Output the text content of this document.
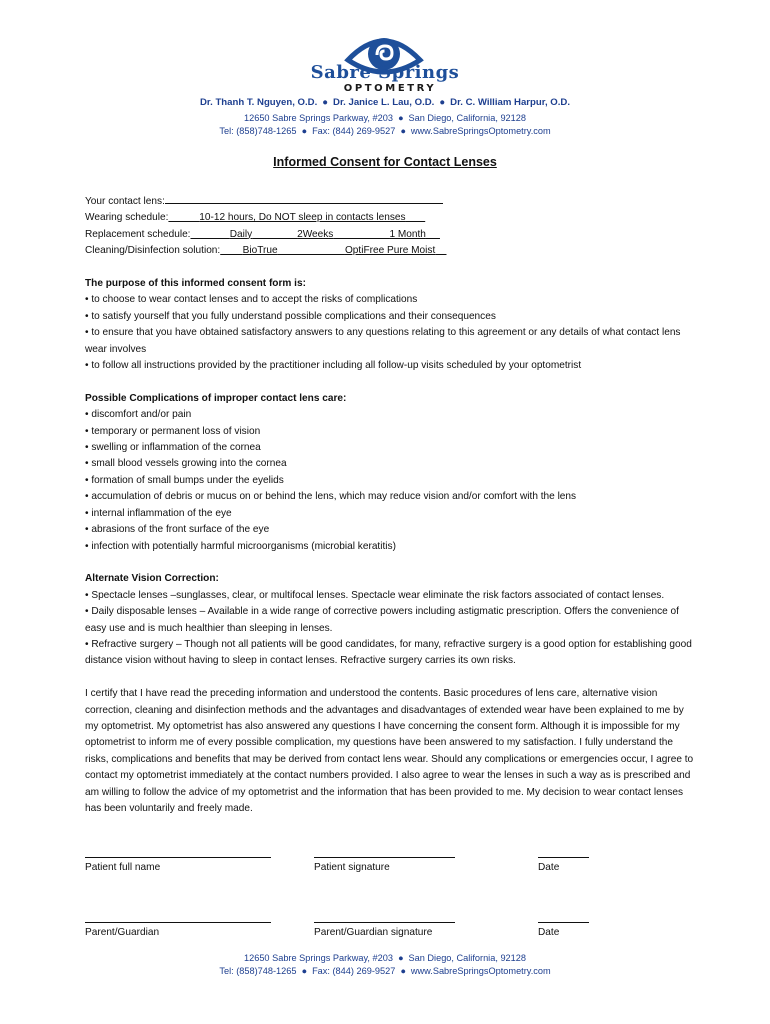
Sabre Springs
OPTOMETRY
Dr. Thanh T. Nguyen, O.D. ● Dr. Janice L. Lau, O.D. ● Dr. C. William Harpur, O.D.
12650 Sabre Springs Parkway, #203 ● San Diego, California, 92128
Tel: (858)748-1265 ● Fax: (844) 269-9527 ● www.SabreSpringsOptometry.com
Informed Consent for Contact Lenses
Your contact lens:
Wearing schedule:	10-12 hours, Do NOT sleep in contacts lenses
Replacement schedule:	Daily	2Weeks	1 Month
Cleaning/Disinfection solution: BioTrue	OptiFree Pure Moist
The purpose of this informed consent form is:
• to choose to wear contact lenses and to accept the risks of complications
• to satisfy yourself that you fully understand possible complications and their consequences
• to ensure that you have obtained satisfactory answers to any questions relating to this agreement or any details of what contact lens wear involves
• to follow all instructions provided by the practitioner including all follow-up visits scheduled by your optometrist
Possible Complications of improper contact lens care:
• discomfort and/or pain
• temporary or permanent loss of vision
• swelling or inflammation of the cornea
• small blood vessels growing into the cornea
• formation of small bumps under the eyelids
• accumulation of debris or mucus on or behind the lens, which may reduce vision and/or comfort with the lens
• internal inflammation of the eye
• abrasions of the front surface of the eye
• infection with potentially harmful microorganisms (microbial keratitis)
Alternate Vision Correction:
• Spectacle lenses –sunglasses, clear, or multifocal lenses. Spectacle wear eliminate the risk factors associated of contact lenses.
• Daily disposable lenses – Available in a wide range of corrective powers including astigmatic prescription. Offers the convenience of easy use and is much healthier than sleeping in lenses.
• Refractive surgery – Though not all patients will be good candidates, for many, refractive surgery is a good option for establishing good distance vision without having to sleep in contact lenses. Refractive surgery carries its own risks.
I certify that I have read the preceding information and understood the contents. Basic procedures of lens care, alternative vision correction, cleaning and disinfection methods and the advantages and disadvantages of extended wear have been explained to me by my optometrist. My optometrist has also answered any questions I have concerning the consent form. Although it is impossible for my optometrist to inform me of every possible complication, my questions have been answered to my satisfaction. I fully understand the risks, complications and benefits that may be derived from contact lens wear. Should any complications or emergencies occur, I agree to contact my optometrist immediately at the contact numbers provided. I also agree to wear the lenses in such a way as is prescribed and am willing to follow the advice of my optometrist and the information that has been provided to me. My decision to wear contact lenses has been voluntarily and freely made.
Patient full name	Patient signature	Date
Parent/Guardian	Parent/Guardian signature	Date
12650 Sabre Springs Parkway, #203 ● San Diego, California, 92128
Tel: (858)748-1265 ● Fax: (844) 269-9527 ● www.SabreSpringsOptometry.com
